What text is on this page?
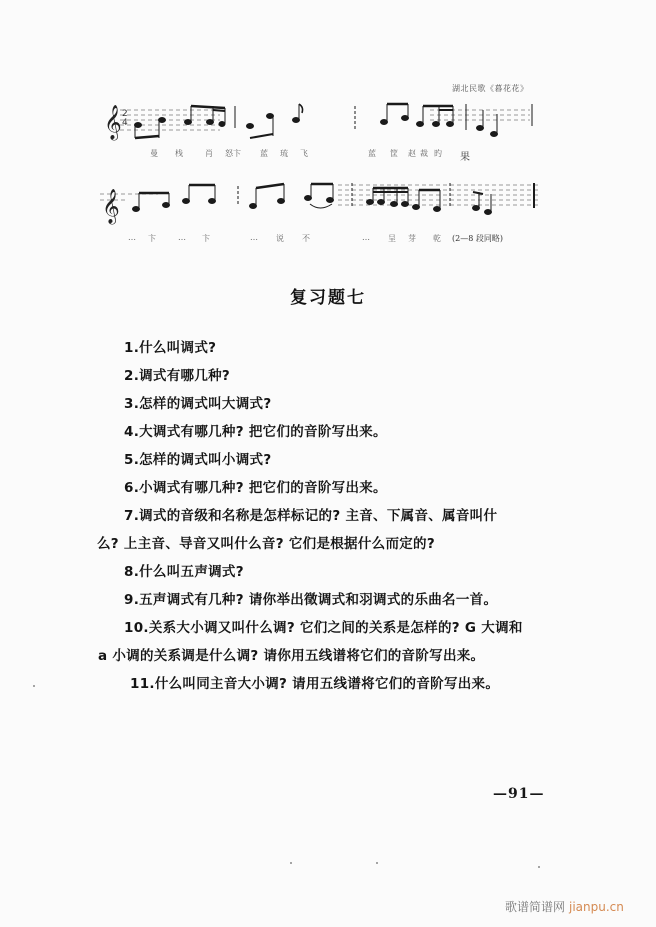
湖北民歌《暮花花》
𝄞 2
4
曼 栈	肖 怒卞 蓝 琉 飞	蓝 筐 赵 裁 旳 果
𝄞
… 卞	… 卞	… 说 不	… 呈 芽 乾 (2—8 段同略)
复习题七
1.什么叫调式?
2.调式有哪几种?
3.怎样的调式叫大调式?
4.大调式有哪几种? 把它们的音阶写出来。
5.怎样的调式叫小调式?
6.小调式有哪几种? 把它们的音阶写出来。
7.调式的音级和名称是怎样标记的? 主音、下属音、属音叫什
么? 上主音、导音又叫什么音? 它们是根据什么而定的?
8.什么叫五声调式?
9.五声调式有几种? 请你举出徵调式和羽调式的乐曲名一首。
10.关系大小调又叫什么调? 它们之间的关系是怎样的? G 大调和
a 小调的关系调是什么调? 请你用五线谱将它们的音阶写出来。
11.什么叫同主音大小调? 请用五线谱将它们的音阶写出来。
—91—
歌谱简谱网 jianpu.cn
